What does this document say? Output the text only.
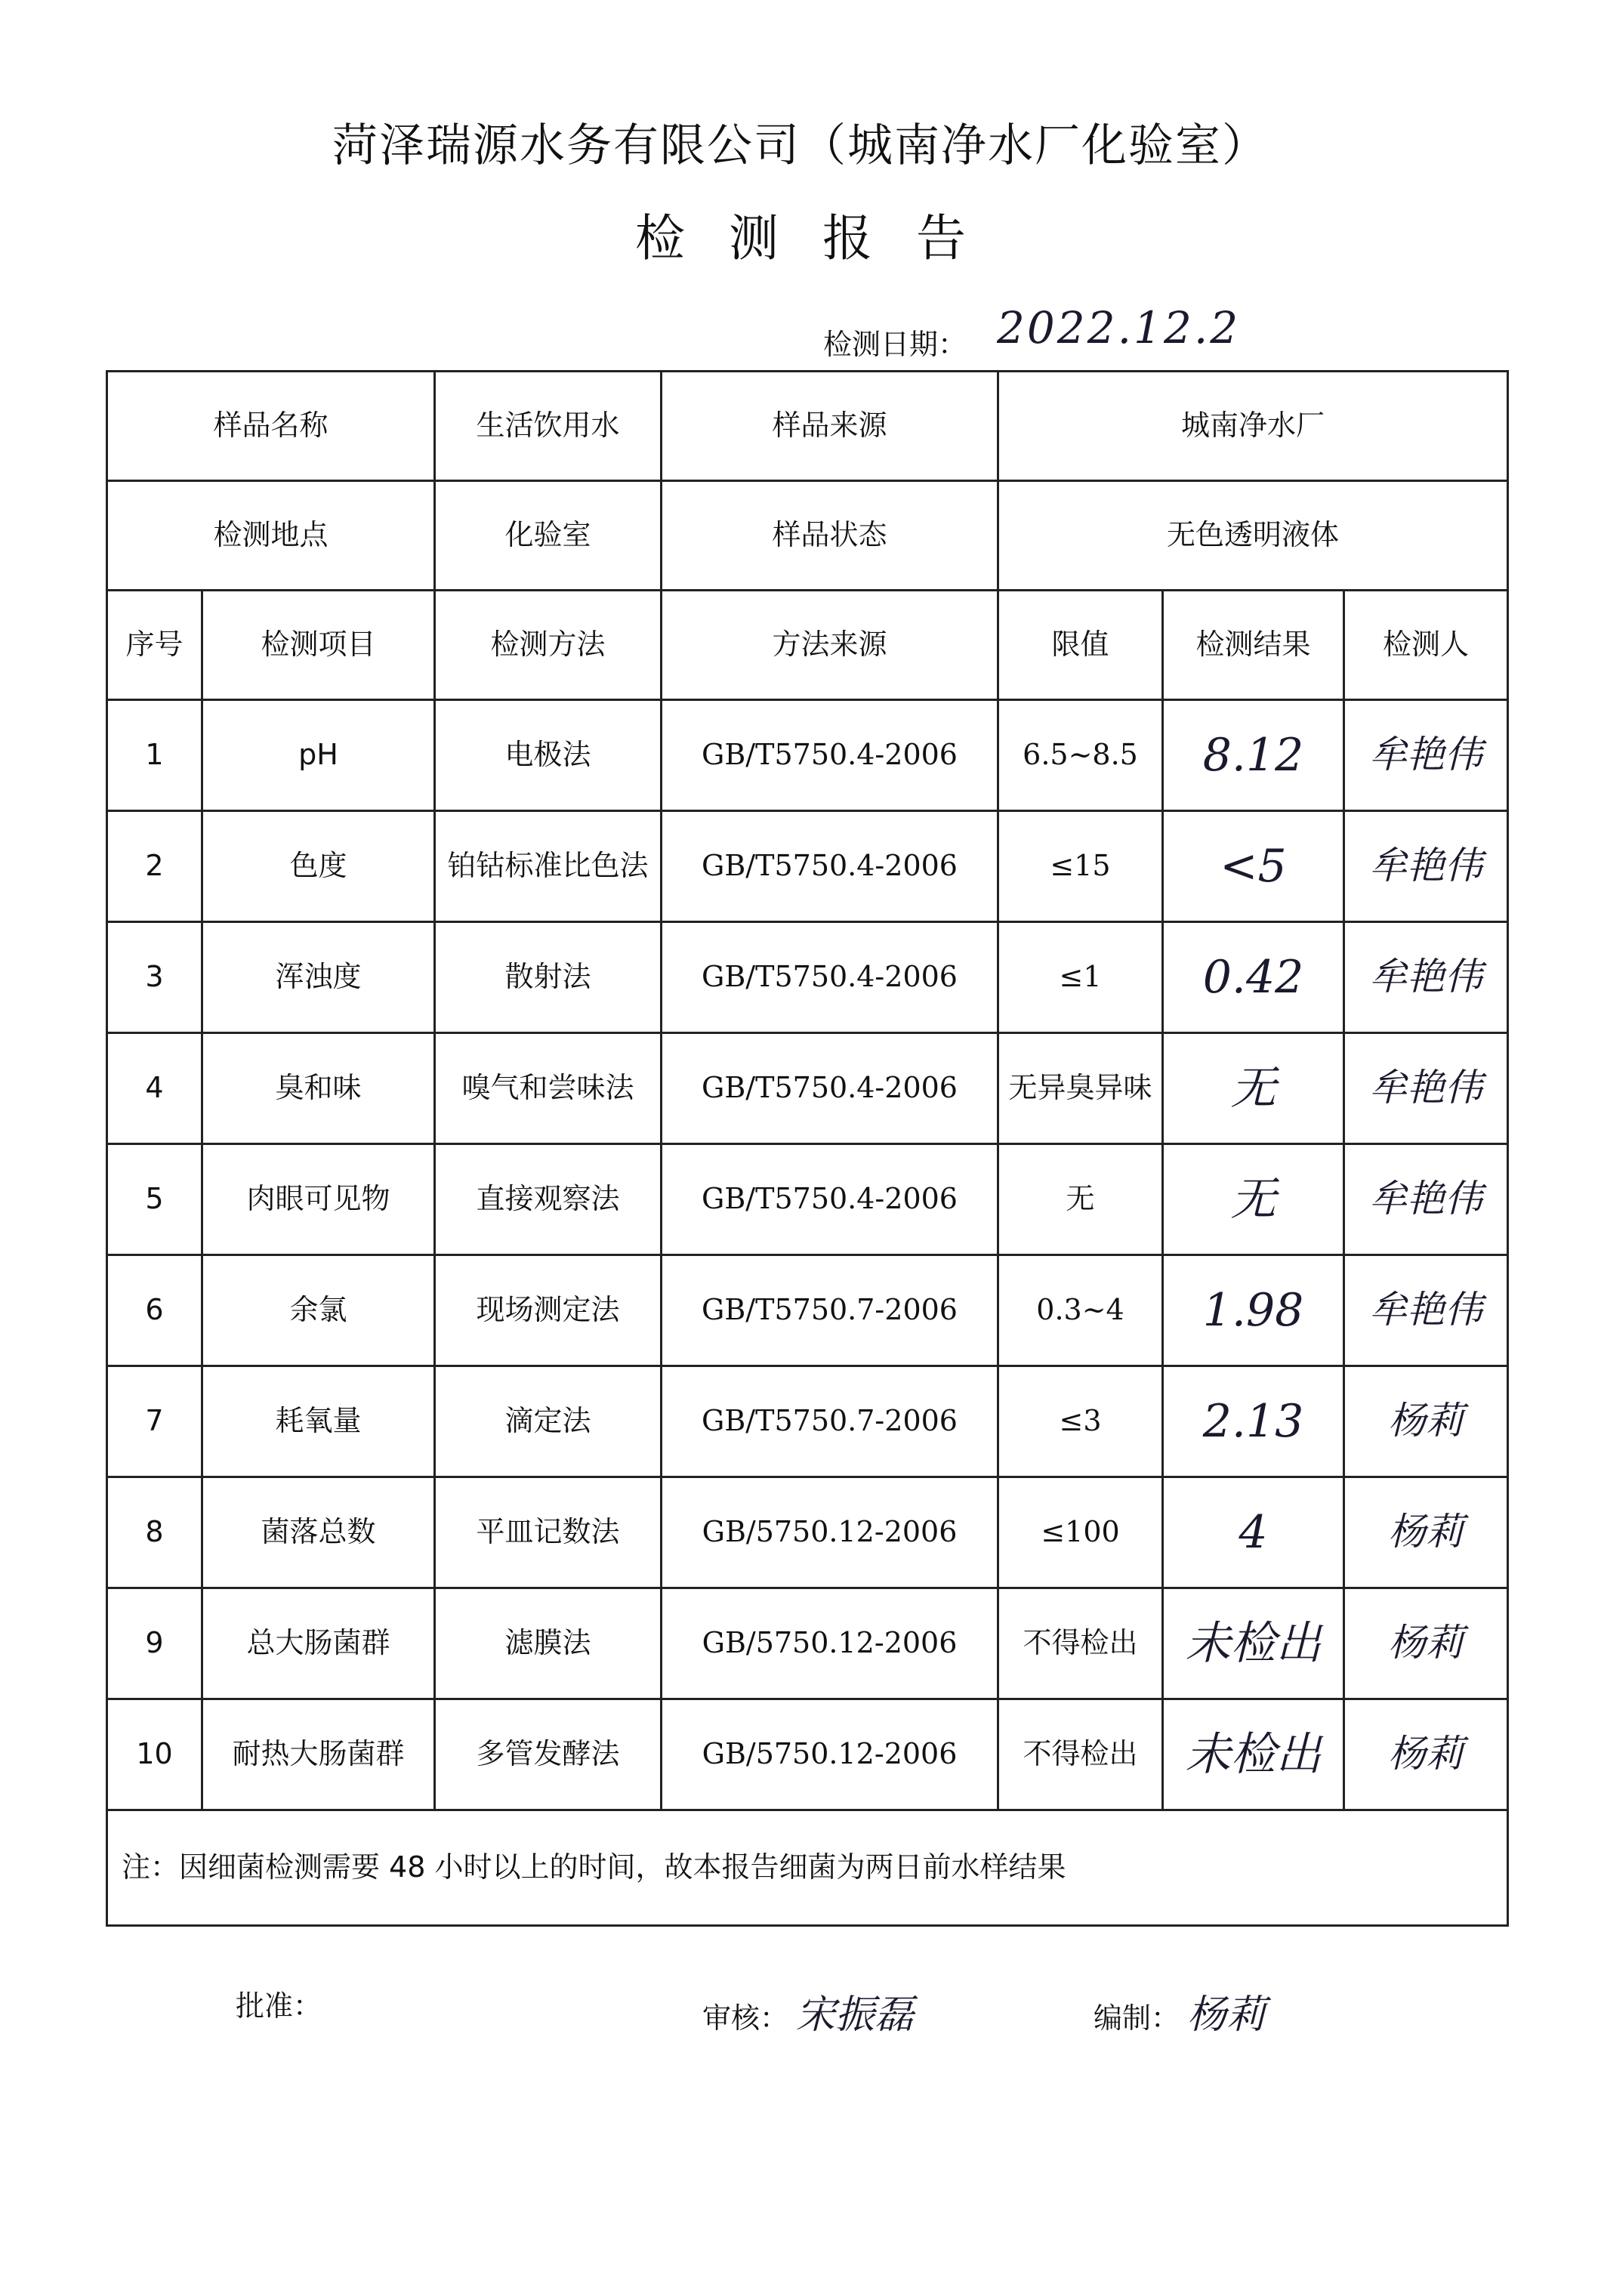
菏泽瑞源水务有限公司（城南净水厂化验室）
检测报告
检测日期： 2022.12.2
样品名称		生活饮用水	样品来源	城南净水厂		
检测地点		化验室	样品状态	无色透明液体		
序号	检测项目	检测方法	方法来源	限值	检测结果	检测人
1	pH	电极法	GB/T5750.4-2006	6.5~8.5	8.12	牟艳伟
2	色度	铂钴标准比色法	GB/T5750.4-2006	≤15	<5	牟艳伟
3	浑浊度	散射法	GB/T5750.4-2006	≤1	0.42	牟艳伟
4	臭和味	嗅气和尝味法	GB/T5750.4-2006	无异臭异味	无	牟艳伟
5	肉眼可见物	直接观察法	GB/T5750.4-2006	无	无	牟艳伟
6	余氯	现场测定法	GB/T5750.7-2006	0.3~4	1.98	牟艳伟
7	耗氧量	滴定法	GB/T5750.7-2006	≤3	2.13	杨莉
8	菌落总数	平皿记数法	GB/5750.12-2006	≤100	4	杨莉
9	总大肠菌群	滤膜法	GB/5750.12-2006	不得检出	未检出	杨莉
10	耐热大肠菌群	多管发酵法	GB/5750.12-2006	不得检出	未检出	杨莉
注：因细菌检测需要 48 小时以上的时间，故本报告细菌为两日前水样结果						
批准：	审核： 宋振磊	编制： 杨莉
